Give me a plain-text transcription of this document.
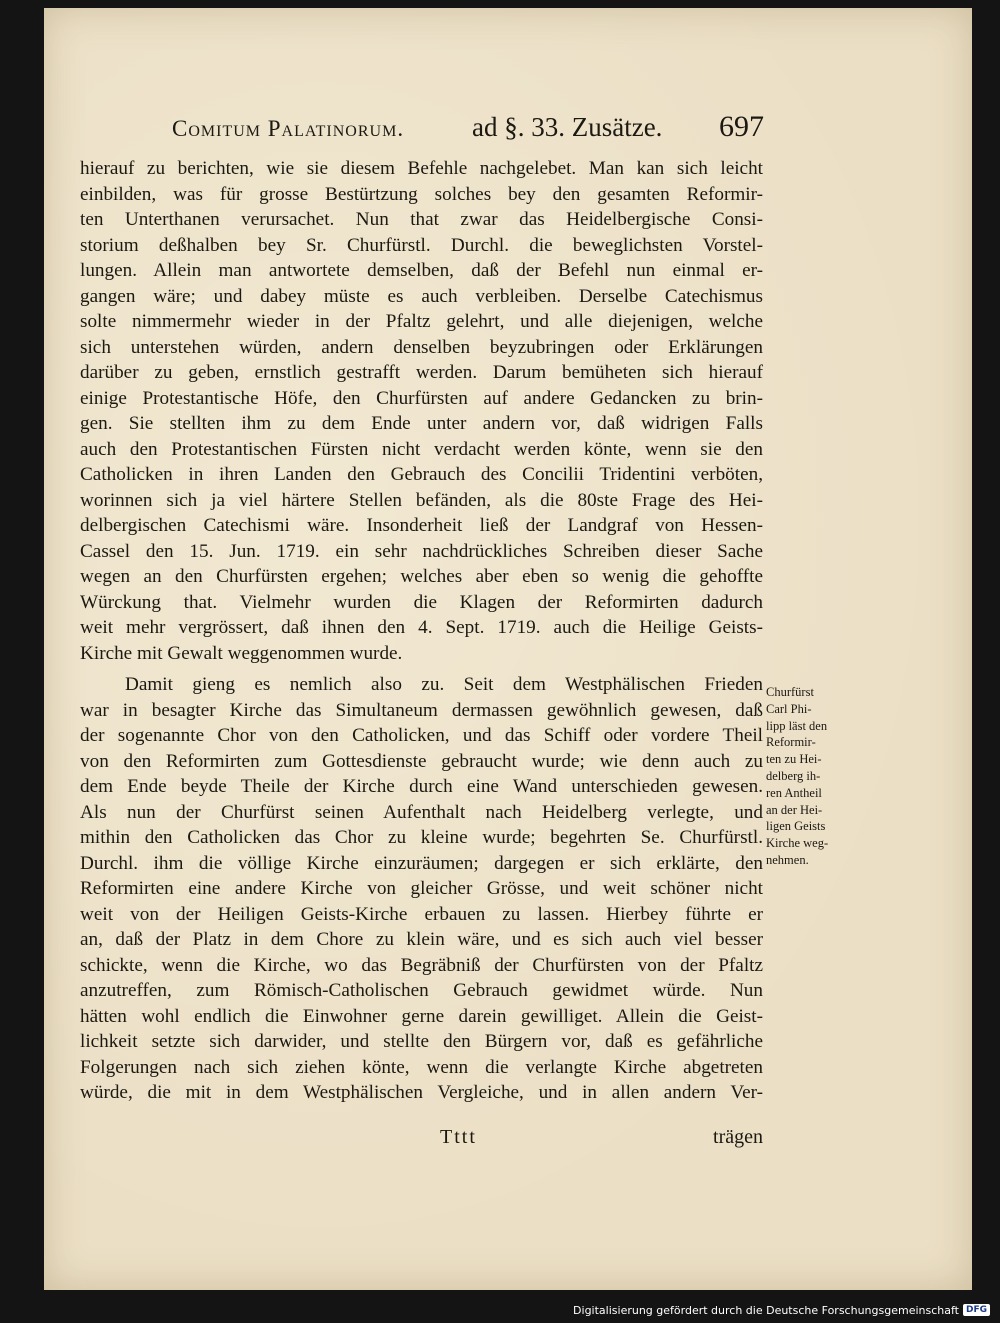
Comitum Palatinorum.	ad §. 33. Zusätze. 697
hierauf zu berichten, wie sie diesem Befehle nachgelebet. Man kan sich leicht
einbilden, was für grosse Bestürtzung solches bey den gesamten Reformir-
ten Unterthanen verursachet. Nun that zwar das Heidelbergische Consi-
storium deßhalben bey Sr. Churfürstl. Durchl. die beweglichsten Vorstel-
lungen. Allein man antwortete demselben, daß der Befehl nun einmal er-
gangen wäre; und dabey müste es auch verbleiben. Derselbe Catechismus
solte nimmermehr wieder in der Pfaltz gelehrt, und alle diejenigen, welche
sich unterstehen würden, andern denselben beyzubringen oder Erklärungen
darüber zu geben, ernstlich gestrafft werden. Darum bemüheten sich hierauf
einige Protestantische Höfe, den Churfürsten auf andere Gedancken zu brin-
gen. Sie stellten ihm zu dem Ende unter andern vor, daß widrigen Falls
auch den Protestantischen Fürsten nicht verdacht werden könte, wenn sie den
Catholicken in ihren Landen den Gebrauch des Concilii Tridentini verböten,
worinnen sich ja viel härtere Stellen befänden, als die 80ste Frage des Hei-
delbergischen Catechismi wäre. Insonderheit ließ der Landgraf von Hessen-
Cassel den 15. Jun. 1719. ein sehr nachdrückliches Schreiben dieser Sache
wegen an den Churfürsten ergehen; welches aber eben so wenig die gehoffte
Würckung that. Vielmehr wurden die Klagen der Reformirten dadurch
weit mehr vergrössert, daß ihnen den 4. Sept. 1719. auch die Heilige Geists-
Kirche mit Gewalt weggenommen wurde.
Damit gieng es nemlich also zu. Seit dem Westphälischen Frieden
war in besagter Kirche das Simultaneum dermassen gewöhnlich gewesen, daß
der sogenannte Chor von den Catholicken, und das Schiff oder vordere Theil
von den Reformirten zum Gottesdienste gebraucht wurde; wie denn auch zu
dem Ende beyde Theile der Kirche durch eine Wand unterschieden gewesen.
Als nun der Churfürst seinen Aufenthalt nach Heidelberg verlegte, und
mithin den Catholicken das Chor zu kleine wurde; begehrten Se. Churfürstl.
Durchl. ihm die völlige Kirche einzuräumen; dargegen er sich erklärte, den
Reformirten eine andere Kirche von gleicher Grösse, und weit schöner nicht
weit von der Heiligen Geists-Kirche erbauen zu lassen. Hierbey führte er
an, daß der Platz in dem Chore zu klein wäre, und es sich auch viel besser
schickte, wenn die Kirche, wo das Begräbniß der Churfürsten von der Pfaltz
anzutreffen, zum Römisch-Catholischen Gebrauch gewidmet würde. Nun
hätten wohl endlich die Einwohner gerne darein gewilliget. Allein die Geist-
lichkeit setzte sich darwider, und stellte den Bürgern vor, daß es gefährliche
Folgerungen nach sich ziehen könte, wenn die verlangte Kirche abgetreten
würde, die mit in dem Westphälischen Vergleiche, und in allen andern Ver-
Churfürst
Carl Phi-
lipp läst den
Reformir-
ten zu Hei-
delberg ih-
ren Antheil
an der Hei-
ligen Geists
Kirche weg-
nehmen.
Tttt	trägen
Digitalisierung gefördert durch die Deutsche Forschungsgemeinschaft DFG
